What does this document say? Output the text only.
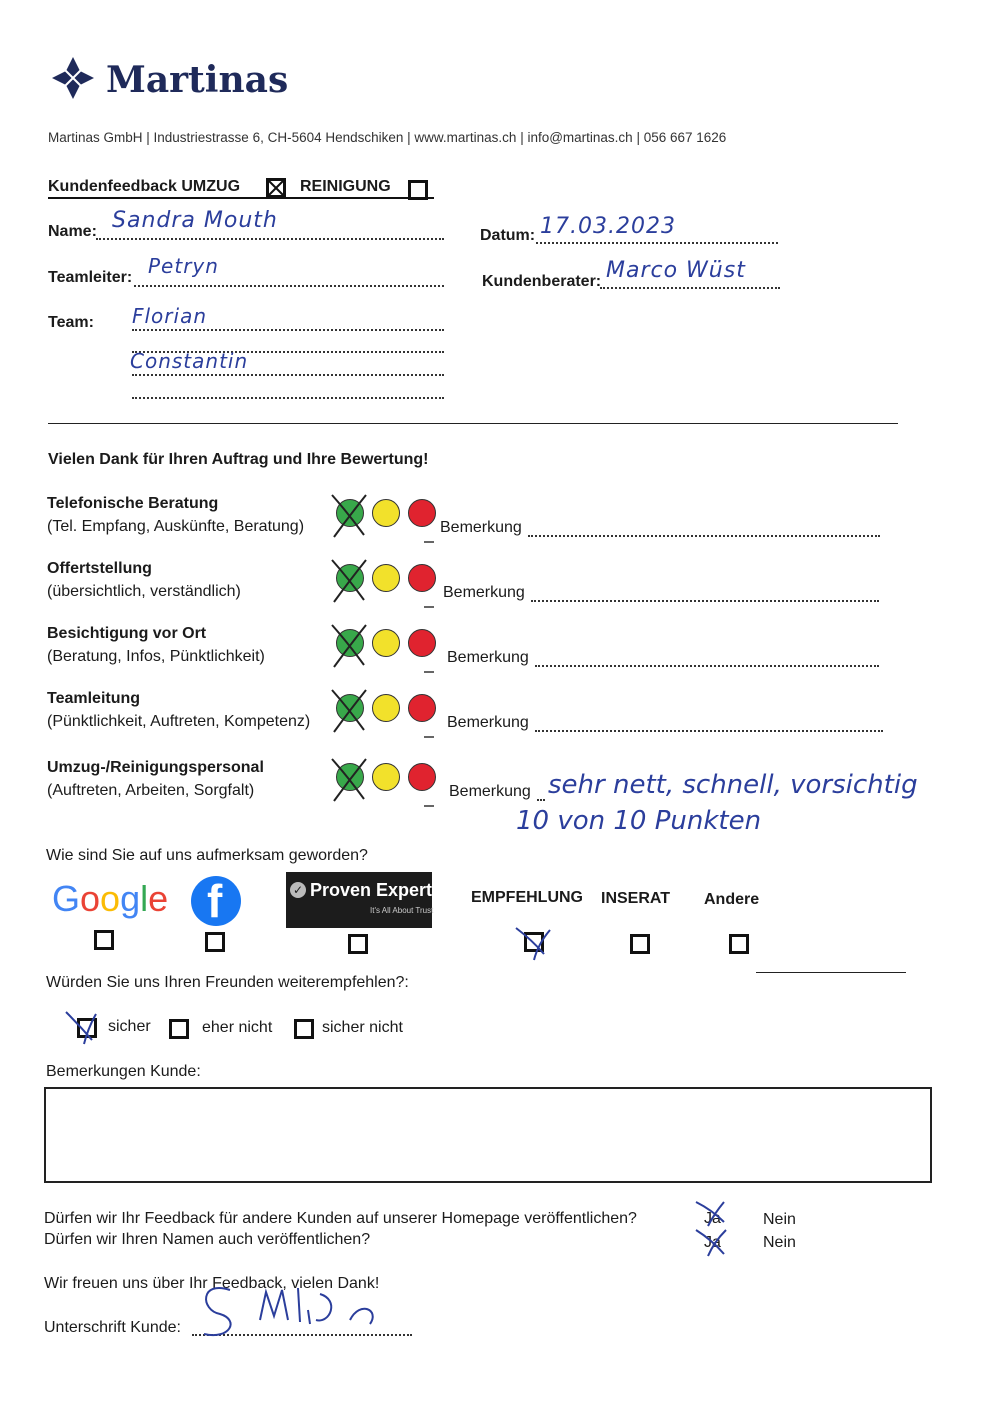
Martinas
Martinas GmbH | Industriestrasse 6, CH-5604 Hendschiken | www.martinas.ch | info@martinas.ch | 056 667 1626
Kundenfeedback UMZUG	REINIGUNG
Name: Sandra Mouth
Datum: 17.03.2023
Teamleiter: Petryn
Kundenberater: Marco Wüst
Team: Florian
Constantin
Vielen Dank für Ihren Auftrag und Ihre Bewertung!
Telefonische Beratung
(Tel. Empfang, Auskünfte, Beratung)	Bemerkung
Offertstellung
(übersichtlich, verständlich)	Bemerkung
Besichtigung vor Ort
(Beratung, Infos, Pünktlichkeit)	Bemerkung
Teamleitung
(Pünktlichkeit, Auftreten, Kompetenz)	Bemerkung
Umzug-/Reinigungspersonal
(Auftreten, Arbeiten, Sorgfalt)	Bemerkung sehr nett, schnell, vorsichtig
10 von 10 Punkten
Wie sind Sie auf uns aufmerksam geworden?
Google f	✓ Proven Expert
It's All About Trust
EMPFEHLUNG INSERAT Andere
Würden Sie uns Ihren Freunden weiterempfehlen?:
sicher	eher nicht	sicher nicht
Bemerkungen Kunde:
Dürfen wir Ihr Feedback für andere Kunden auf unserer Homepage veröffentlichen?	Ja	Nein
Dürfen wir Ihren Namen auch veröffentlichen?	Ja	Nein
Wir freuen uns über Ihr Feedback, vielen Dank!
Unterschrift Kunde:
